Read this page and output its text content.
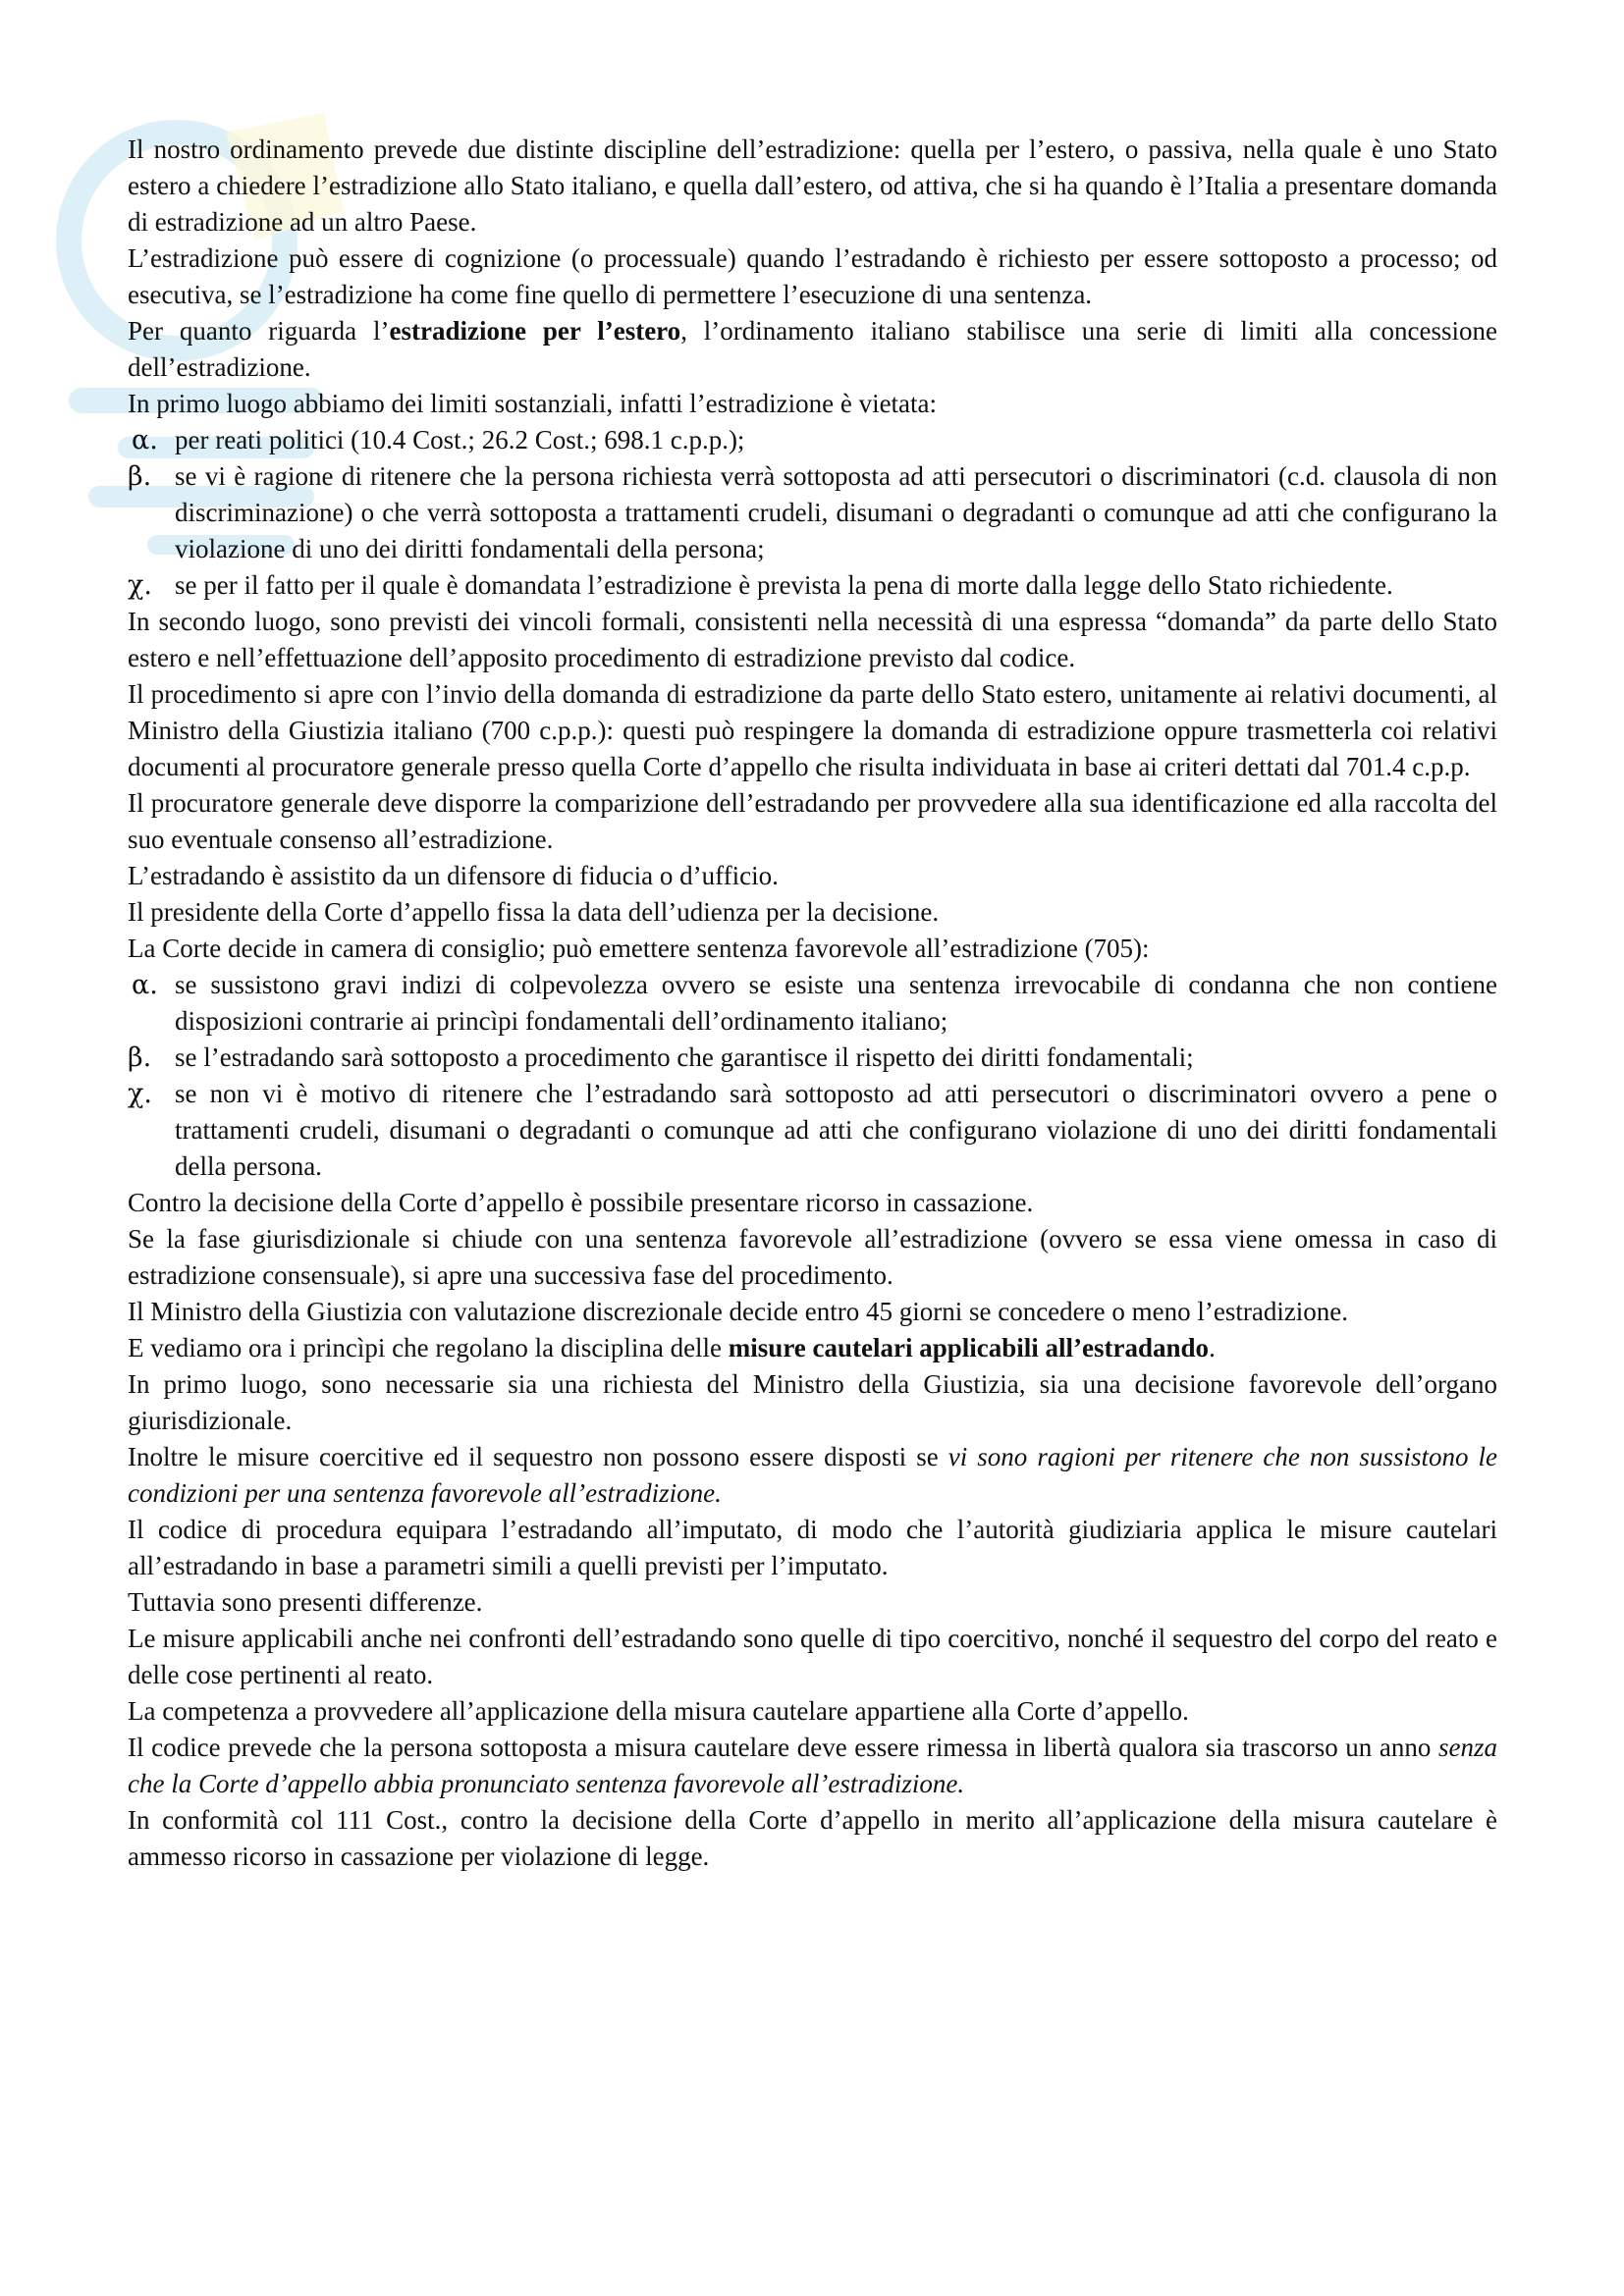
Il nostro ordinamento prevede due distinte discipline dell’estradizione: quella per l’estero, o passiva, nella quale è uno Stato estero a chiedere l’estradizione allo Stato italiano, e quella dall’estero, od attiva, che si ha quando è l’Italia a presentare domanda di estradizione ad un altro Paese.

L’estradizione può essere di cognizione (o processuale) quando l’estradando è richiesto per essere sottoposto a processo; od esecutiva, se l’estradizione ha come fine quello di permettere l’esecuzione di una sentenza.

Per quanto riguarda l’estradizione per l’estero, l’ordinamento italiano stabilisce una serie di limiti alla concessione dell’estradizione.

In primo luogo abbiamo dei limiti sostanziali, infatti l’estradizione è vietata:

α. per reati politici (10.4 Cost.; 26.2 Cost.; 698.1 c.p.p.);
β. se vi è ragione di ritenere che la persona richiesta verrà sottoposta ad atti persecutori o discriminatori (c.d. clausola di non discriminazione) o che verrà sottoposta a trattamenti crudeli, disumani o degradanti o comunque ad atti che configurano la violazione di uno dei diritti fondamentali della persona;
χ. se per il fatto per il quale è domandata l’estradizione è prevista la pena di morte dalla legge dello Stato richiedente.

In secondo luogo, sono previsti dei vincoli formali, consistenti nella necessità di una espressa “domanda” da parte dello Stato estero e nell’effettuazione dell’apposito procedimento di estradizione previsto dal codice.

Il procedimento si apre con l’invio della domanda di estradizione da parte dello Stato estero, unitamente ai relativi documenti, al Ministro della Giustizia italiano (700 c.p.p.): questi può respingere la domanda di estradizione oppure trasmetterla coi relativi documenti al procuratore generale presso quella Corte d’appello che risulta individuata in base ai criteri dettati dal 701.4 c.p.p.

Il procuratore generale deve disporre la comparizione dell’estradando per provvedere alla sua identificazione ed alla raccolta del suo eventuale consenso all’estradizione.

L’estradando è assistito da un difensore di fiducia o d’ufficio.

Il presidente della Corte d’appello fissa la data dell’udienza per la decisione.

La Corte decide in camera di consiglio; può emettere sentenza favorevole all’estradizione (705):

α. se sussistono gravi indizi di colpevolezza ovvero se esiste una sentenza irrevocabile di condanna che non contiene disposizioni contrarie ai princìpi fondamentali dell’ordinamento italiano;
β. se l’estradando sarà sottoposto a procedimento che garantisce il rispetto dei diritti fondamentali;
χ. se non vi è motivo di ritenere che l’estradando sarà sottoposto ad atti persecutori o discriminatori ovvero a pene o trattamenti crudeli, disumani o degradanti o comunque ad atti che configurano violazione di uno dei diritti fondamentali della persona.

Contro la decisione della Corte d’appello è possibile presentare ricorso in cassazione.

Se la fase giurisdizionale si chiude con una sentenza favorevole all’estradizione (ovvero se essa viene omessa in caso di estradizione consensuale), si apre una successiva fase del procedimento.

Il Ministro della Giustizia con valutazione discrezionale decide entro 45 giorni se concedere o meno l’estradizione.

E vediamo ora i princìpi che regolano la disciplina delle misure cautelari applicabili all’estradando.

In primo luogo, sono necessarie sia una richiesta del Ministro della Giustizia, sia una decisione favorevole dell’organo giurisdizionale.

Inoltre le misure coercitive ed il sequestro non possono essere disposti se vi sono ragioni per ritenere che non sussistono le condizioni per una sentenza favorevole all’estradizione.

Il codice di procedura equipara l’estradando all’imputato, di modo che l’autorità giudiziaria applica le misure cautelari all’estradando in base a parametri simili a quelli previsti per l’imputato.

Tuttavia sono presenti differenze.

Le misure applicabili anche nei confronti dell’estradando sono quelle di tipo coercitivo, nonché il sequestro del corpo del reato e delle cose pertinenti al reato.

La competenza a provvedere all’applicazione della misura cautelare appartiene alla Corte d’appello.

Il codice prevede che la persona sottoposta a misura cautelare deve essere rimessa in libertà qualora sia trascorso un anno senza che la Corte d’appello abbia pronunciato sentenza favorevole all’estradizione.

In conformità col 111 Cost., contro la decisione della Corte d’appello in merito all’applicazione della misura cautelare è ammesso ricorso in cassazione per violazione di legge.
